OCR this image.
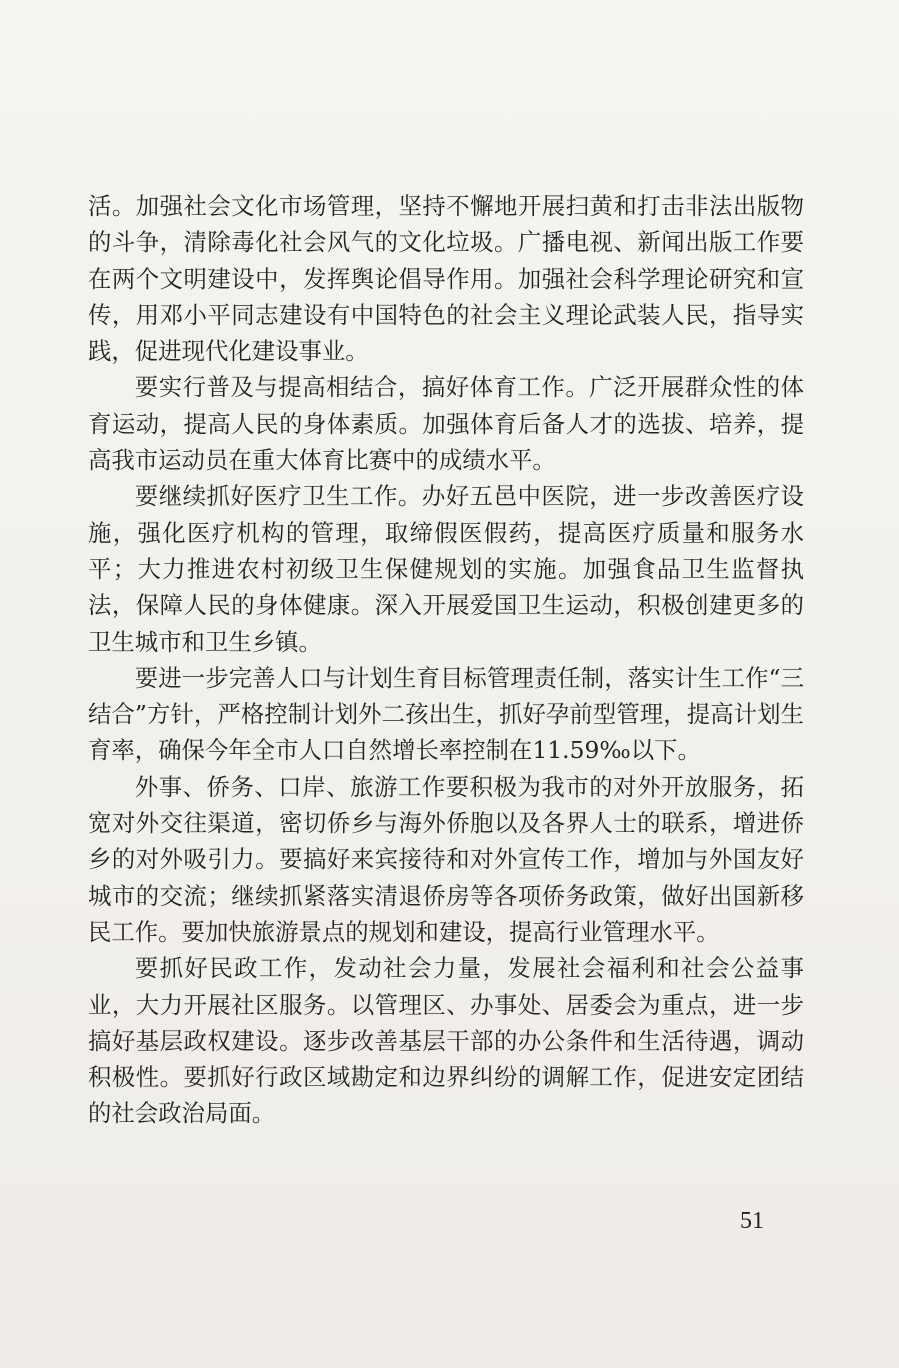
活。加强社会文化市场管理，坚持不懈地开展扫黄和打击非法出版物的斗争，清除毒化社会风气的文化垃圾。广播电视、新闻出版工作要在两个文明建设中，发挥舆论倡导作用。加强社会科学理论研究和宣传，用邓小平同志建设有中国特色的社会主义理论武装人民，指导实践，促进现代化建设事业。

要实行普及与提高相结合，搞好体育工作。广泛开展群众性的体育运动，提高人民的身体素质。加强体育后备人才的选拔、培养，提高我市运动员在重大体育比赛中的成绩水平。

要继续抓好医疗卫生工作。办好五邑中医院，进一步改善医疗设施，强化医疗机构的管理，取缔假医假药，提高医疗质量和服务水平；大力推进农村初级卫生保健规划的实施。加强食品卫生监督执法，保障人民的身体健康。深入开展爱国卫生运动，积极创建更多的卫生城市和卫生乡镇。

要进一步完善人口与计划生育目标管理责任制，落实计生工作“三结合”方针，严格控制计划外二孩出生，抓好孕前型管理，提高计划生育率，确保今年全市人口自然增长率控制在11.59‰以下。

外事、侨务、口岸、旅游工作要积极为我市的对外开放服务，拓宽对外交往渠道，密切侨乡与海外侨胞以及各界人士的联系，增进侨乡的对外吸引力。要搞好来宾接待和对外宣传工作，增加与外国友好城市的交流；继续抓紧落实清退侨房等各项侨务政策，做好出国新移民工作。要加快旅游景点的规划和建设，提高行业管理水平。

要抓好民政工作，发动社会力量，发展社会福利和社会公益事业，大力开展社区服务。以管理区、办事处、居委会为重点，进一步搞好基层政权建设。逐步改善基层干部的办公条件和生活待遇，调动积极性。要抓好行政区域勘定和边界纠纷的调解工作，促进安定团结的社会政治局面。

51
